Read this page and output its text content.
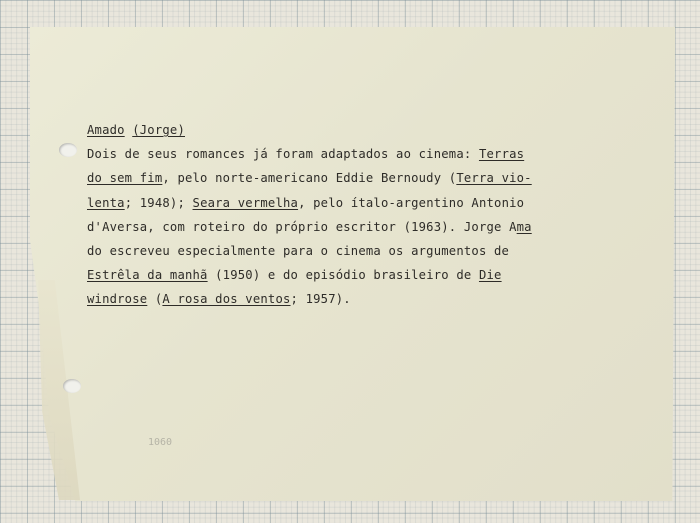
Amado (Jorge)
Dois de seus romances já foram adaptados ao cinema: Terras
do sem fim, pelo norte-americano Eddie Bernoudy (Terra vio-
lenta; 1948); Seara vermelha, pelo ítalo-argentino Antonio
d'Aversa, com roteiro do próprio escritor (1963). Jorge Ama
do escreveu especialmente para o cinema os argumentos de
Estrêla da manhã (1950) e do episódio brasileiro de Die
windrose (A rosa dos ventos; 1957).
1060
